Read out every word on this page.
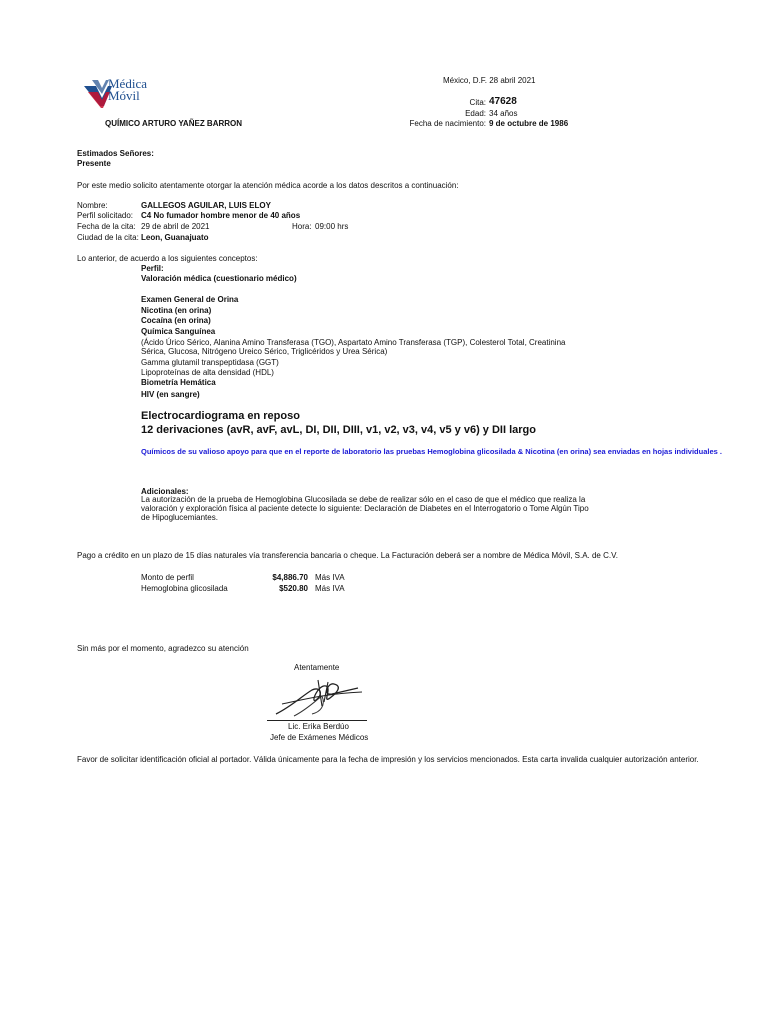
Médica
Móvil
México, D.F. 28 abril 2021
Cita: 47628
Edad: 34 años
Fecha de nacimiento: 9 de octubre de 1986
QUÍMICO ARTURO YAÑEZ BARRON
Estimados Señores:
Presente
Por este medio solicito atentamente otorgar la atención médica acorde a los datos descritos a continuación:
Nombre:	GALLEGOS AGUILAR, LUIS ELOY
Perfil solicitado: C4 No fumador hombre menor de 40 años
Fecha de la cita: 29 de abril de 2021	Hora: 09:00 hrs
Ciudad de la cita: Leon, Guanajuato
Lo anterior, de acuerdo a los siguientes conceptos:
Perfil:
Valoración médica (cuestionario médico)
Examen General de Orina
Nicotina (en orina)
Cocaína (en orina)
Química Sanguínea
(Ácido Úrico Sérico, Alanina Amino Transferasa (TGO), Aspartato Amino Transferasa (TGP), Colesterol Total, Creatinina Sérica, Glucosa, Nitrógeno Ureico Sérico, Triglicéridos y Urea Sérica)
Gamma glutamil transpeptidasa (GGT)
Lipoproteínas de alta densidad (HDL)
Biometría Hemática
HIV (en sangre)
Electrocardiograma en reposo
12 derivaciones (avR, avF, avL, DI, DII, DIII, v1, v2, v3, v4, v5 y v6) y DII largo
Químicos de su valioso apoyo para que en el reporte de laboratorio las pruebas Hemoglobina glicosilada & Nicotina (en orina) sea enviadas en hojas individuales .
Adicionales:
La autorización de la prueba de Hemoglobina Glucosilada se debe de realizar sólo en el caso de que el médico que realiza la valoración y exploración física al paciente detecte lo siguiente: Declaración de Diabetes en el Interrogatorio o Tome Algún Tipo de Hipoglucemiantes.
Pago a crédito en un plazo de 15 días naturales vía transferencia bancaria o cheque. La Facturación deberá ser a nombre de Médica Móvil, S.A. de C.V.
Monto de perfil	$4,886.70 Más IVA
Hemoglobina glicosilada	$520.80 Más IVA
Sin más por el momento, agradezco su atención
Atentamente
Lic. Erika Berdúo
Jefe de Exámenes Médicos
Favor de solicitar identificación oficial al portador. Válida únicamente para la fecha de impresión y los servicios mencionados. Esta carta invalida cualquier autorización anterior.
